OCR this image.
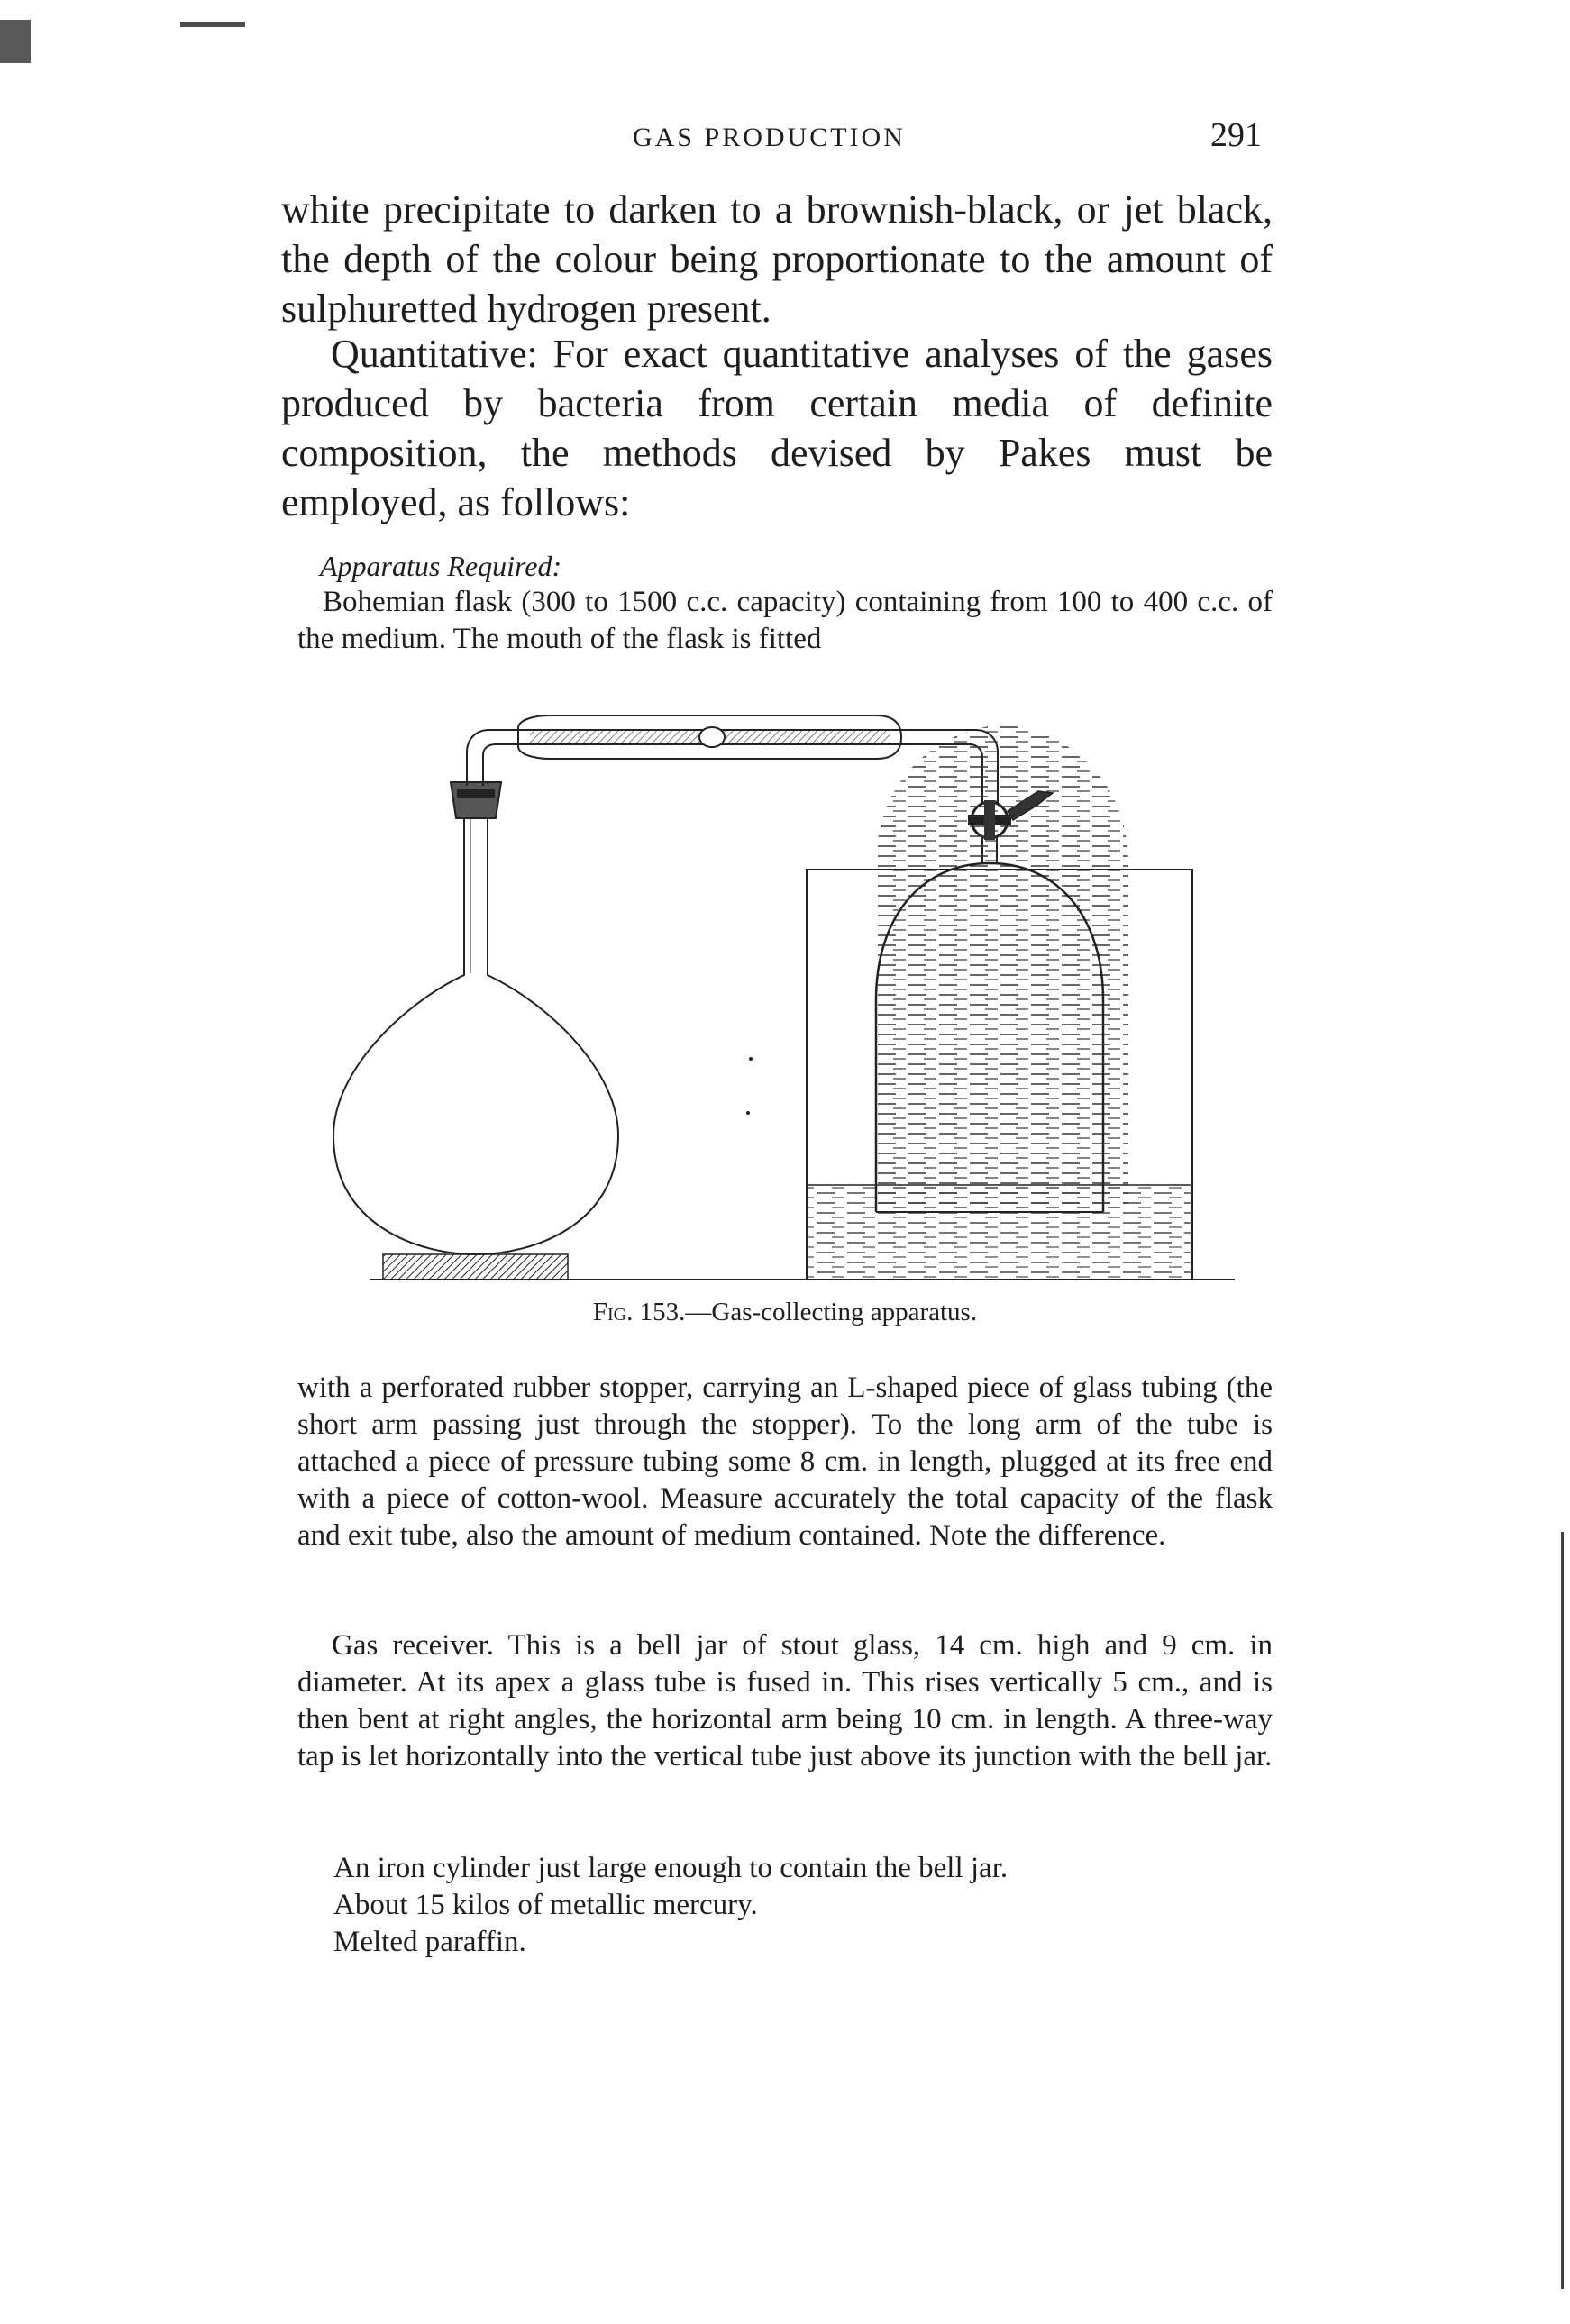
GAS PRODUCTION	291

white precipitate to darken to a brownish-black, or jet black, the depth of the colour being proportionate to the amount of sulphuretted hydrogen present.

Quantitative: For exact quantitative analyses of the gases produced by bacteria from certain media of definite composition, the methods devised by Pakes must be employed, as follows:

Apparatus Required:

Bohemian flask (300 to 1500 c.c. capacity) containing from 100 to 400 c.c. of the medium. The mouth of the flask is fitted

Fig. 153.—Gas-collecting apparatus.

with a perforated rubber stopper, carrying an L-shaped piece of glass tubing (the short arm passing just through the stopper). To the long arm of the tube is attached a piece of pressure tubing some 8 cm. in length, plugged at its free end with a piece of cotton-wool. Measure accurately the total capacity of the flask and exit tube, also the amount of medium contained. Note the difference.

Gas receiver. This is a bell jar of stout glass, 14 cm. high and 9 cm. in diameter. At its apex a glass tube is fused in. This rises vertically 5 cm., and is then bent at right angles, the horizontal arm being 10 cm. in length. A three-way tap is let horizontally into the vertical tube just above its junction with the bell jar.

An iron cylinder just large enough to contain the bell jar.

About 15 kilos of metallic mercury.

Melted paraffin.
